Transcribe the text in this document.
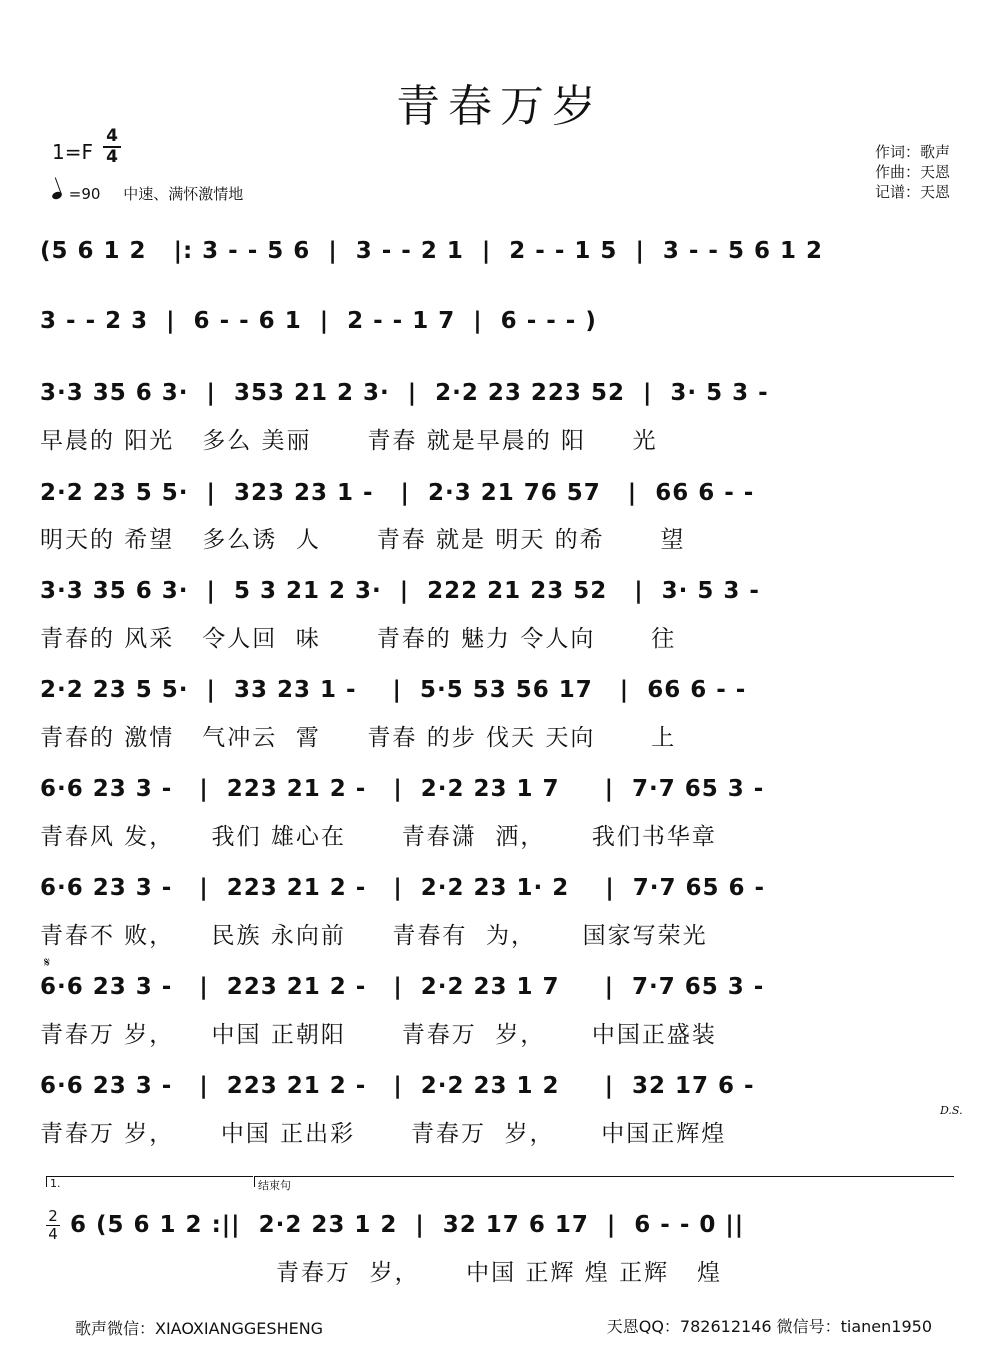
青春万岁
1=F
4
4
=90 中速、满怀激情地
作词：歌声
作曲：天恩
记谱：天恩
(5 6 1 2   |: 3 - - 5 6  |  3 - - 2 1  |  2 - - 1 5  |  3 - - 5 6 1 2
3 - - 2 3  |  6 - - 6 1  |  2 - - 1 7  |  6 - - - )
3·3 35 6 3·  |  353 21 2 3·  |  2·2 23 223 52  |  3· 5 3 -
早晨的 阳光   多么 美丽      青春 就是早晨的 阳     光
2·2 23 5 5·  |  323 23 1 -   |  2·3 21 76 57   |  66 6 - -
明天的 希望   多么诱  人      青春 就是 明天 的希      望
3·3 35 6 3·  |  5 3 21 2 3·  |  222 21 23 52   |  3· 5 3 -
青春的 风采   令人回  味      青春的 魅力 令人向      往
2·2 23 5 5·  |  33 23 1 -    |  5·5 53 56 17   |  66 6 - -
青春的 激情   气冲云  霄     青春 的步 伐天 天向      上
6·6 23 3 -   |  223 21 2 -   |  2·2 23 1 7     |  7·7 65 3 -
青春风 发，    我们 雄心在      青春潇  洒，     我们书华章
6·6 23 3 -   |  223 21 2 -   |  2·2 23 1· 2    |  7·7 65 6 -
青春不 败，    民族 永向前     青春有  为，     国家写荣光
𝄋
6·6 23 3 -   |  223 21 2 -   |  2·2 23 1 7     |  7·7 65 3 -
青春万 岁，    中国 正朝阳      青春万  岁，     中国正盛装
6·6 23 3 -   |  223 21 2 -   |  2·2 23 1 2     |  32 17 6 -
D.S.
青春万 岁，     中国 正出彩      青春万  岁，     中国正辉煌
1.	结束句
2
4 6 (5 6 1 2 :||  2·2 23 1 2  |  32 17 6 17  |  6 - - 0 ||
青春万  岁，     中国 正辉 煌 正辉   煌
歌声微信：XIAOXIANGGESHENG	天恩QQ：782612146 微信号：tianen1950
